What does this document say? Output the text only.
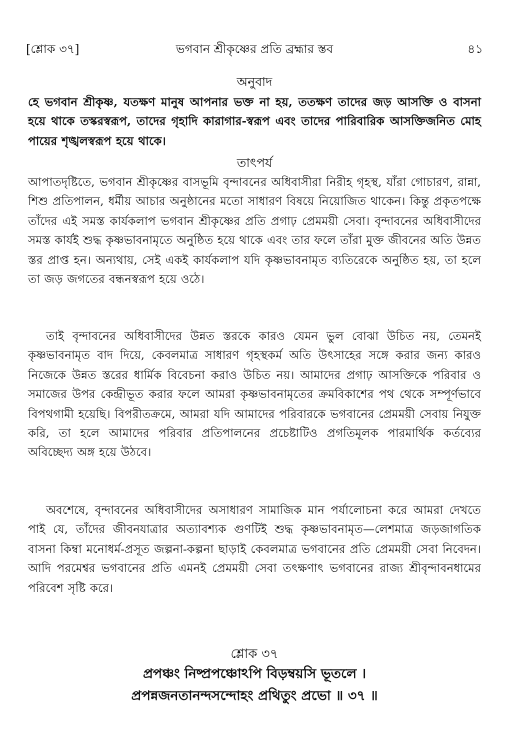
[শ্লোক ৩৭]	ভগবান শ্রীকৃষ্ণের প্রতি ব্রহ্মার স্তব	৪১
অনুবাদ

হে ভগবান শ্রীকৃষ্ণ, যতক্ষণ মানুষ আপনার ভক্ত না হয়, ততক্ষণ তাদের জড় আসক্তি ও বাসনা হয়ে থাকে তস্করস্বরূপ, তাদের গৃহাদি কারাগার-স্বরূপ এবং তাদের পারিবারিক আসক্তিজনিত মোহ পায়ের শৃঙ্খলস্বরূপ হয়ে থাকে।

তাৎপর্য

আপাতদৃষ্টিতে, ভগবান শ্রীকৃষ্ণের বাসভূমি বৃন্দাবনের অধিবাসীরা নিরীহ গৃহস্থ, যাঁরা গোচারণ, রান্না, শিশু প্রতিপালন, ধর্মীয় আচার অনুষ্ঠানের মতো সাধারণ বিষয়ে নিয়োজিত থাকেন। কিন্তু প্রকৃতপক্ষে তাঁদের এই সমস্ত কার্যকলাপ ভগবান শ্রীকৃষ্ণের প্রতি প্রগাঢ় প্রেমময়ী সেবা। বৃন্দাবনের অধিবাসীদের সমস্ত কার্যই শুদ্ধ কৃষ্ণভাবনামৃতে অনুষ্ঠিত হয়ে থাকে এবং তার ফলে তাঁরা মুক্ত জীবনের অতি উন্নত স্তর প্রাপ্ত হন। অন্যথায়, সেই একই কার্যকলাপ যদি কৃষ্ণভাবনামৃত ব্যতিরেকে অনুষ্ঠিত হয়, তা হলে তা জড় জগতের বন্ধনস্বরূপ হয়ে ওঠে।

তাই বৃন্দাবনের অধিবাসীদের উন্নত স্তরকে কারও যেমন ভুল বোঝা উচিত নয়, তেমনই কৃষ্ণভাবনামৃত বাদ দিয়ে, কেবলমাত্র সাধারণ গৃহস্থকর্ম অতি উৎসাহের সঙ্গে করার জন্য কারও নিজেকে উন্নত স্তরের ধার্মিক বিবেচনা করাও উচিত নয়। আমাদের প্রগাঢ় আসক্তিকে পরিবার ও সমাজের উপর কেন্দ্রীভূত করার ফলে আমরা কৃষ্ণভাবনামৃতের ক্রমবিকাশের পথ থেকে সম্পূর্ণভাবে বিপথগামী হয়েছি। বিপরীতক্রমে, আমরা যদি আমাদের পরিবারকে ভগবানের প্রেমময়ী সেবায় নিযুক্ত করি, তা হলে আমাদের পরিবার প্রতিপালনের প্রচেষ্টাটিও প্রগতিমূলক পারমার্থিক কর্তব্যের অবিচ্ছেদ্য অঙ্গ হয়ে উঠবে।

অবশেষে, বৃন্দাবনের অধিবাসীদের অসাধারণ সামাজিক মান পর্যালোচনা করে আমরা দেখতে পাই যে, তাঁদের জীবনযাত্রার অত্যাবশ্যক গুণটিই শুদ্ধ কৃষ্ণভাবনামৃত—লেশমাত্র জড়জাগতিক বাসনা কিম্বা মনোধর্ম-প্রসূত জল্পনা-কল্পনা ছাড়াই কেবলমাত্র ভগবানের প্রতি প্রেমময়ী সেবা নিবেদন। আদি পরমেশ্বর ভগবানের প্রতি এমনই প্রেমময়ী সেবা তৎক্ষণাৎ ভগবানের রাজ্য শ্রীবৃন্দাবনধামের পরিবেশ সৃষ্টি করে।

শ্লোক ৩৭
প্রপঞ্চং নিষ্প্রপঞ্চোঽপি বিড়ম্বয়সি ভূতলে ।
প্রপন্নজনতানন্দসন্দোহং প্রথিতুং প্রভো ॥ ৩৭ ॥
